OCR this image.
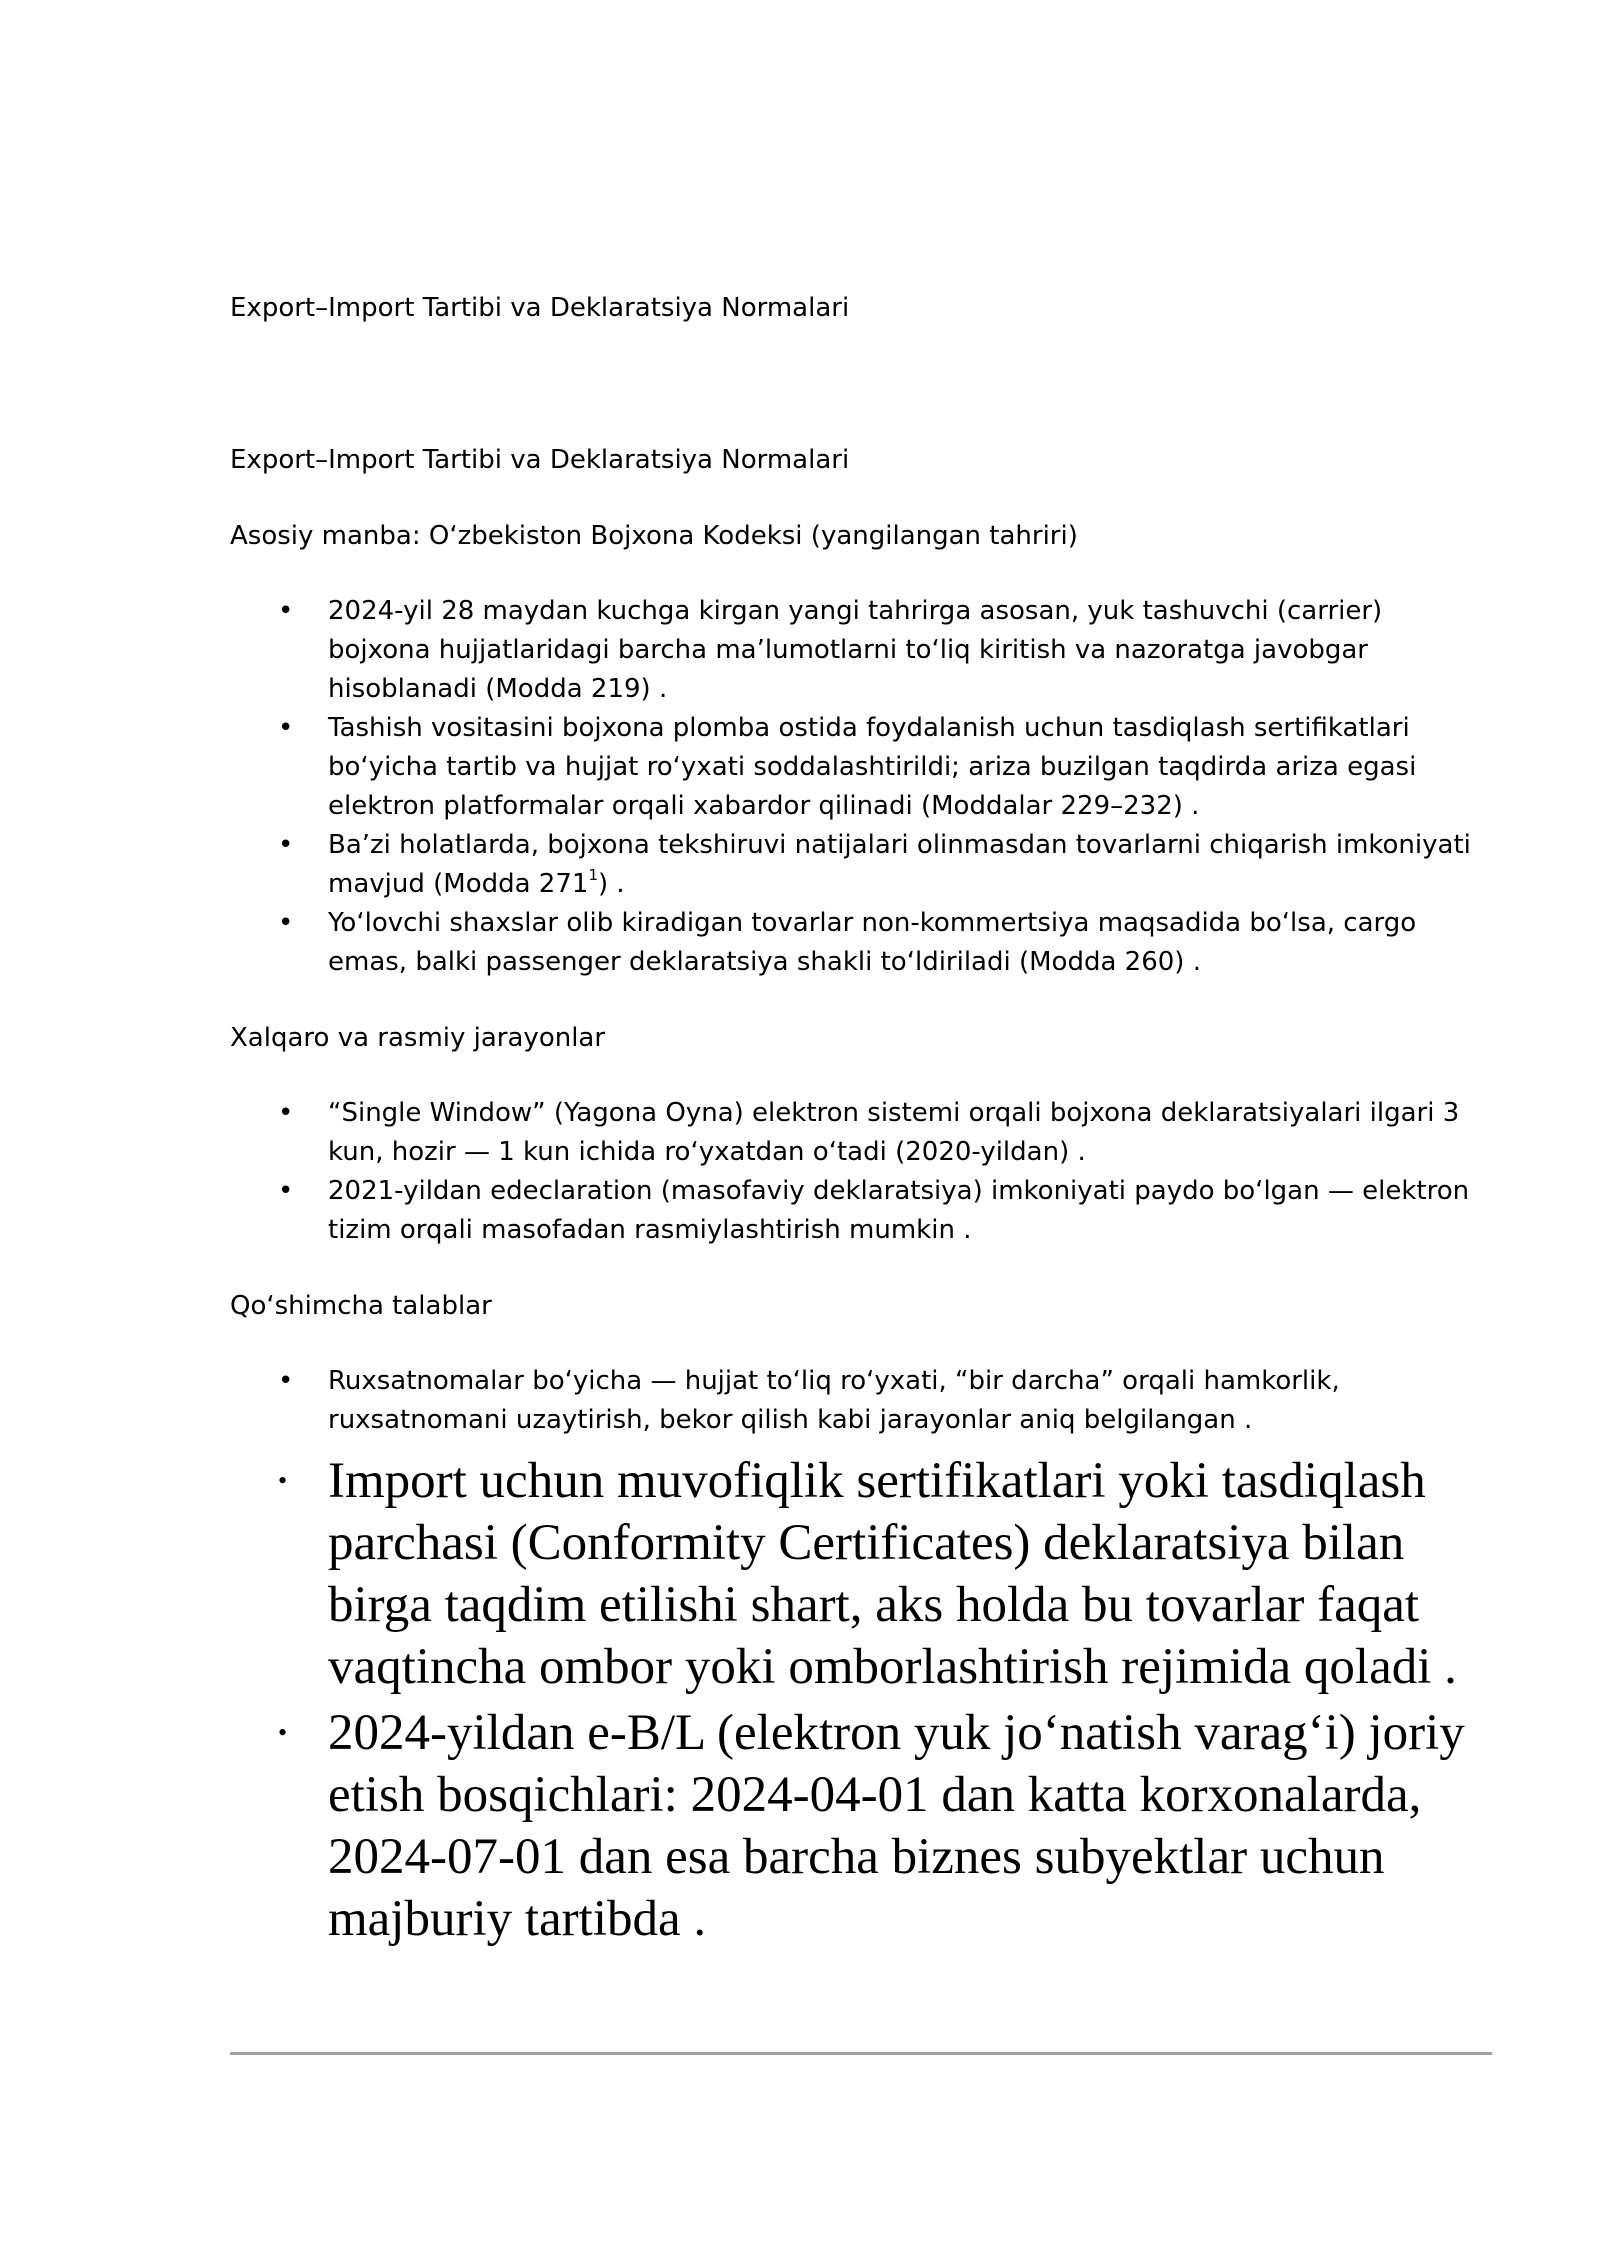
Export–Import Tartibi va Deklaratsiya Normalari

Export–Import Tartibi va Deklaratsiya Normalari

Asosiy manba: O‘zbekiston Bojxona Kodeksi (yangilangan tahriri)

• 2024-yil 28 maydan kuchga kirgan yangi tahrirga asosan, yuk tashuvchi (carrier) bojxona hujjatlaridagi barcha ma’lumotlarni to‘liq kiritish va nazoratga javobgar hisoblanadi (Modda 219) .
• Tashish vositasini bojxona plomba ostida foydalanish uchun tasdiqlash sertifikatlari bo‘yicha tartib va hujjat ro‘yxati soddalashtirildi; ariza buzilgan taqdirda ariza egasi elektron platformalar orqali xabardor qilinadi (Moddalar 229–232) .
• Ba’zi holatlarda, bojxona tekshiruvi natijalari olinmasdan tovarlarni chiqarish imkoniyati mavjud (Modda $271^1$) .
• Yo‘lovchi shaxslar olib kiradigan tovarlar non-kommertsiya maqsadida bo‘lsa, cargo emas, balki passenger deklaratsiya shakli to‘ldiriladi (Modda 260) .

Xalqaro va rasmiy jarayonlar

• “Single Window” (Yagona Oyna) elektron sistemi orqali bojxona deklaratsiyalari ilgari 3 kun, hozir — 1 kun ichida ro‘yxatdan o‘tadi (2020-yildan) .
• 2021-yildan edeclaration (masofaviy deklaratsiya) imkoniyati paydo bo‘lgan — elektron tizim orqali masofadan rasmiylashtirish mumkin .

Qo‘shimcha talablar

• Ruxsatnomalar bo‘yicha — hujjat to‘liq ro‘yxati, “bir darcha” orqali hamkorlik, ruxsatnomani uzaytirish, bekor qilish kabi jarayonlar aniq belgilangan .
• Import uchun muvofiqlik sertifikatlari yoki tasdiqlash parchasi (Conformity Certificates) deklaratsiya bilan birga taqdim etilishi shart, aks holda bu tovarlar faqat vaqtincha ombor yoki omborlashtirish rejimida qoladi .
• 2024-yildan e-B/L (elektron yuk jo‘natish varag‘i) joriy etish bosqichlari: 2024-04-01 dan katta korxonalarda, 2024-07-01 dan esa barcha biznes subyektlar uchun majburiy tartibda .
